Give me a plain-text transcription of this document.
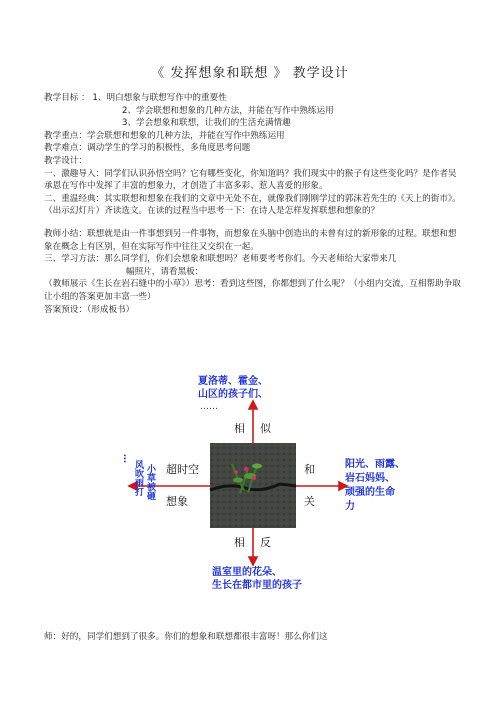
《 发挥想象和联想 》 教学设计
教学目标 ： 1、明白想象与联想写作中的重要性
2、学会联想和想象的几种方法，并能在写作中熟练运用
3、学会想象和联想，让我们的生活充满情趣
教学重点：学会联想和想象的几种方法，并能在写作中熟练运用
教学难点：调动学生的学习的积极性，多角度思考问题
教学设计：
一、激趣导入：同学们认识孙悟空吗？它有哪些变化，你知道吗？我们现实中的猴子有这些变化吗？是作者吴承恩在写作中发挥了丰富的想象力，才创造了丰富多彩、惹人喜爱的形象。
二、重温经典：其实联想和想象在我们的文章中无处不在，就像我们刚刚学过的郭沫若先生的《天上的街市》。（出示幻灯片）齐读选文。在读的过程当中思考一下：在诗人是怎样发挥联想和想象的？
教师小结：联想就是由一件事想到另一件事物，而想象在头脑中创造出的未曾有过的新形象的过程。联想和想象在概念上有区别，但在实际写作中往往又交织在一起。
三、学习方法：那么同学们，你们会想象和联想吗？老师要考考你们。今天老师给大家带来几
幅照片，请看黑板：
（教师展示《生长在岩石缝中的小草》）思考：看到这些图，你都想到了什么呢？（小组内交流，互相帮助争取让小组的答案更加丰富一些）
答案预设：（形成板书）
夏洛蒂、霍金、
山区的孩子们、
……
相 似
相 反
超时空
想象
和
关
阳光、雨露、
岩石妈妈、
顽强的生命
力
…
风吹雨打 小草被砸
温室里的花朵、
生长在都市里的孩子
师：好的，同学们想到了很多。你们的想象和联想都很丰富呀！那么你们这
